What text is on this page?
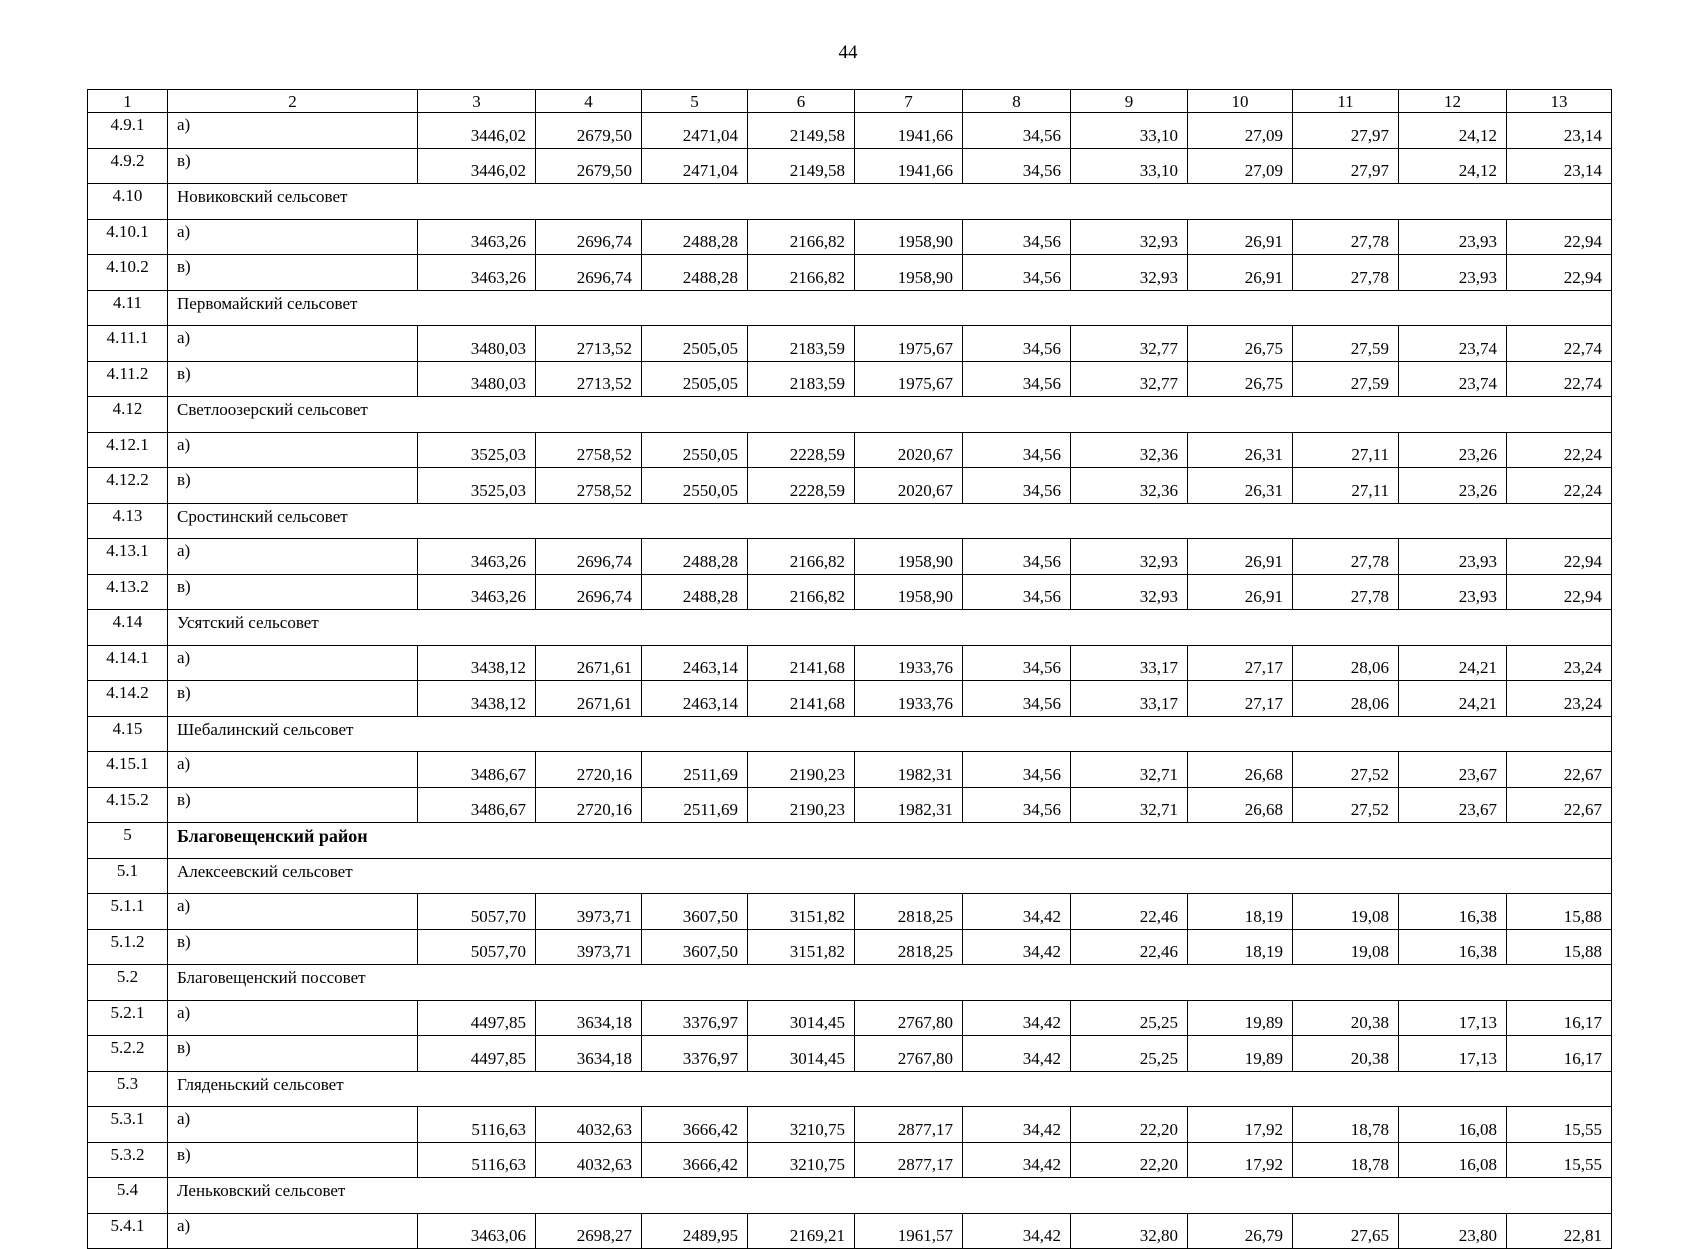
44
1	2	3	4	5	6	7	8	9	10	11	12	13
4.9.1	а)	3446,02	2679,50	2471,04	2149,58	1941,66	34,56	33,10	27,09	27,97	24,12	23,14
4.9.2	в)	3446,02	2679,50	2471,04	2149,58	1941,66	34,56	33,10	27,09	27,97	24,12	23,14
4.10	Новиковский сельсовет											
4.10.1	а)	3463,26	2696,74	2488,28	2166,82	1958,90	34,56	32,93	26,91	27,78	23,93	22,94
4.10.2	в)	3463,26	2696,74	2488,28	2166,82	1958,90	34,56	32,93	26,91	27,78	23,93	22,94
4.11	Первомайский сельсовет											
4.11.1	а)	3480,03	2713,52	2505,05	2183,59	1975,67	34,56	32,77	26,75	27,59	23,74	22,74
4.11.2	в)	3480,03	2713,52	2505,05	2183,59	1975,67	34,56	32,77	26,75	27,59	23,74	22,74
4.12	Светлоозерский сельсовет											
4.12.1	а)	3525,03	2758,52	2550,05	2228,59	2020,67	34,56	32,36	26,31	27,11	23,26	22,24
4.12.2	в)	3525,03	2758,52	2550,05	2228,59	2020,67	34,56	32,36	26,31	27,11	23,26	22,24
4.13	Сростинский сельсовет											
4.13.1	а)	3463,26	2696,74	2488,28	2166,82	1958,90	34,56	32,93	26,91	27,78	23,93	22,94
4.13.2	в)	3463,26	2696,74	2488,28	2166,82	1958,90	34,56	32,93	26,91	27,78	23,93	22,94
4.14	Усятский сельсовет											
4.14.1	а)	3438,12	2671,61	2463,14	2141,68	1933,76	34,56	33,17	27,17	28,06	24,21	23,24
4.14.2	в)	3438,12	2671,61	2463,14	2141,68	1933,76	34,56	33,17	27,17	28,06	24,21	23,24
4.15	Шебалинский сельсовет											
4.15.1	а)	3486,67	2720,16	2511,69	2190,23	1982,31	34,56	32,71	26,68	27,52	23,67	22,67
4.15.2	в)	3486,67	2720,16	2511,69	2190,23	1982,31	34,56	32,71	26,68	27,52	23,67	22,67
5	Благовещенский район											
5.1	Алексеевский сельсовет											
5.1.1	а)	5057,70	3973,71	3607,50	3151,82	2818,25	34,42	22,46	18,19	19,08	16,38	15,88
5.1.2	в)	5057,70	3973,71	3607,50	3151,82	2818,25	34,42	22,46	18,19	19,08	16,38	15,88
5.2	Благовещенский поссовет											
5.2.1	а)	4497,85	3634,18	3376,97	3014,45	2767,80	34,42	25,25	19,89	20,38	17,13	16,17
5.2.2	в)	4497,85	3634,18	3376,97	3014,45	2767,80	34,42	25,25	19,89	20,38	17,13	16,17
5.3	Гляденьский сельсовет											
5.3.1	а)	5116,63	4032,63	3666,42	3210,75	2877,17	34,42	22,20	17,92	18,78	16,08	15,55
5.3.2	в)	5116,63	4032,63	3666,42	3210,75	2877,17	34,42	22,20	17,92	18,78	16,08	15,55
5.4	Леньковский сельсовет											
5.4.1	а)	3463,06	2698,27	2489,95	2169,21	1961,57	34,42	32,80	26,79	27,65	23,80	22,81
